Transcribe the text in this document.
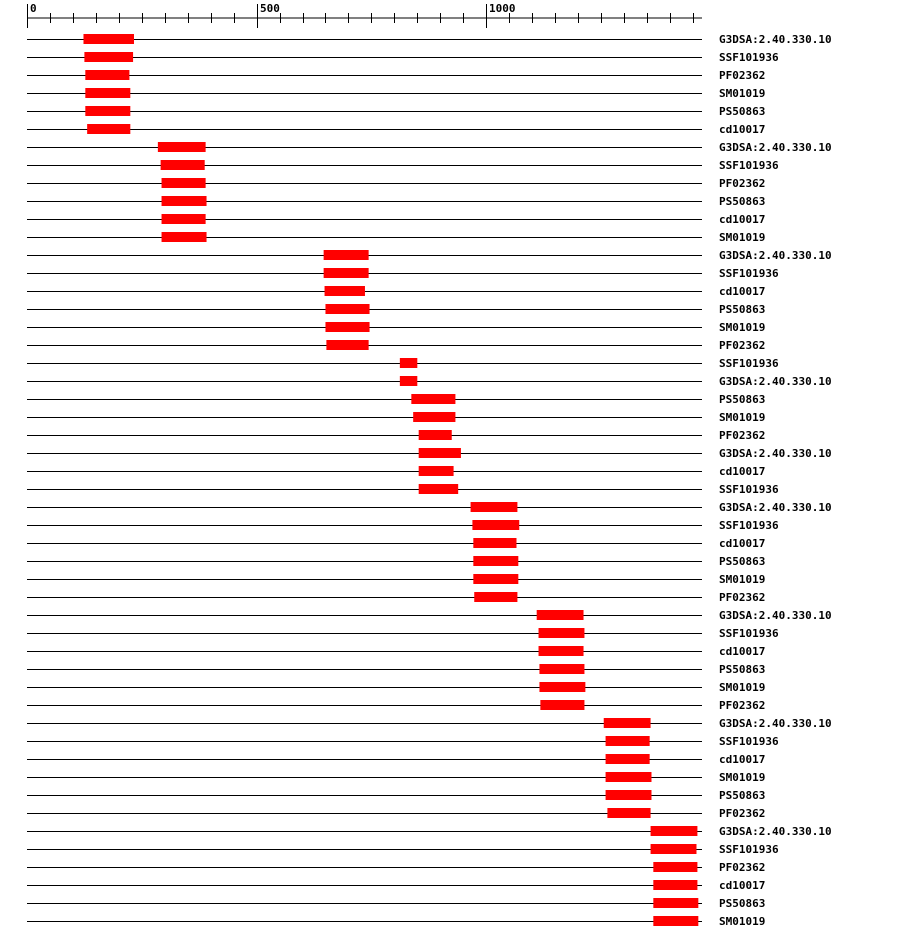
0	500	1000
G3DSA:2.40.330.10
SSF101936
PF02362
SM01019
PS50863
cd10017
G3DSA:2.40.330.10
SSF101936
PF02362
PS50863
cd10017
SM01019
G3DSA:2.40.330.10
SSF101936
cd10017
PS50863
SM01019
PF02362
SSF101936
G3DSA:2.40.330.10
PS50863
SM01019
PF02362
G3DSA:2.40.330.10
cd10017
SSF101936
G3DSA:2.40.330.10
SSF101936
cd10017
PS50863
SM01019
PF02362
G3DSA:2.40.330.10
SSF101936
cd10017
PS50863
SM01019
PF02362
G3DSA:2.40.330.10
SSF101936
cd10017
SM01019
PS50863
PF02362
G3DSA:2.40.330.10
SSF101936
PF02362
cd10017
PS50863
SM01019
